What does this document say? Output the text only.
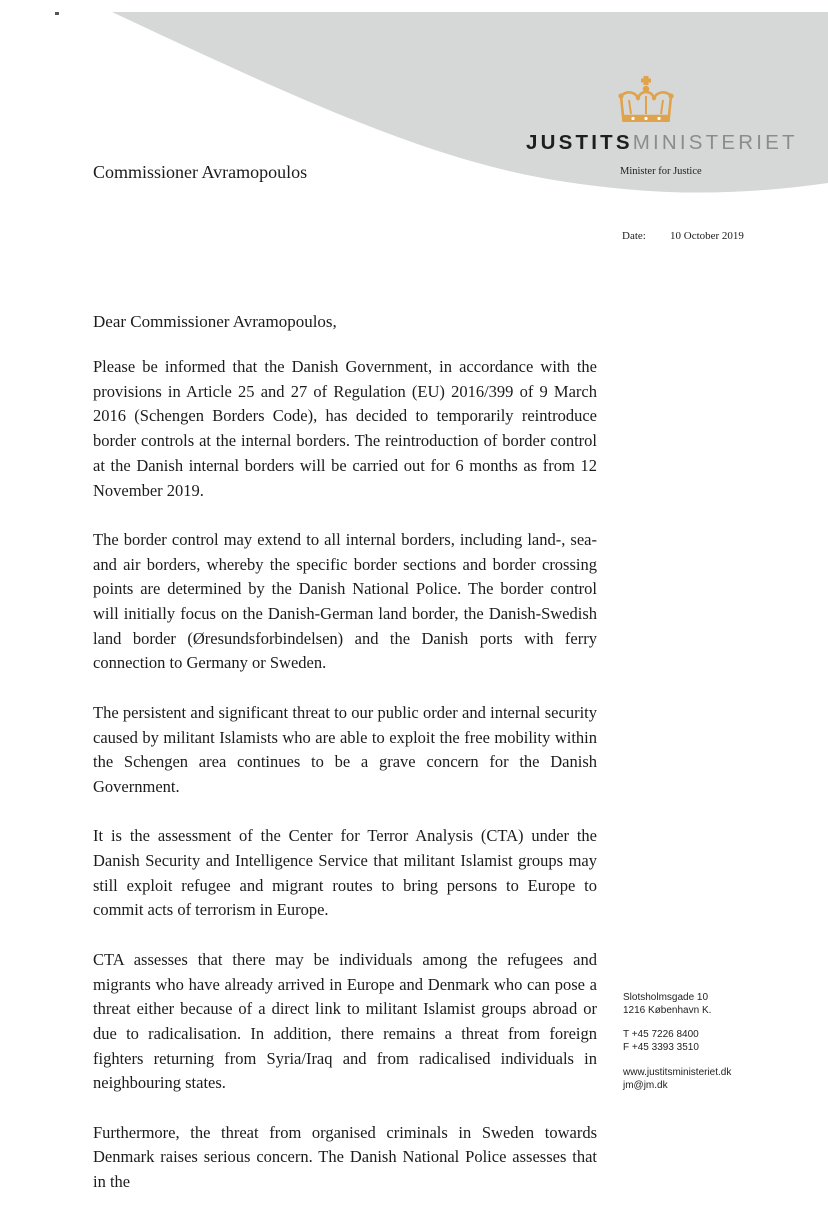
JUSTITSMINISTERIET
Minister for Justice
Commissioner Avramopoulos
Date: 10 October 2019
Dear Commissioner Avramopoulos,

Please be informed that the Danish Government, in accordance with the provisions in Article 25 and 27 of Regulation (EU) 2016/399 of 9 March 2016 (Schengen Borders Code), has decided to temporarily reintroduce border controls at the internal borders. The reintroduction of border control at the Danish internal borders will be carried out for 6 months as from 12 November 2019.

The border control may extend to all internal borders, including land-, sea- and air borders, whereby the specific border sections and border crossing points are determined by the Danish National Police. The border control will initially focus on the Danish-German land border, the Danish-Swedish land border (Øresundsforbindelsen) and the Danish ports with ferry connection to Germany or Sweden.

The persistent and significant threat to our public order and internal security caused by militant Islamists who are able to exploit the free mobility within the Schengen area continues to be a grave concern for the Danish Government.

It is the assessment of the Center for Terror Analysis (CTA) under the Danish Security and Intelligence Service that militant Islamist groups may still exploit refugee and migrant routes to bring persons to Europe to commit acts of terrorism in Europe.

CTA assesses that there may be individuals among the refugees and migrants who have already arrived in Europe and Denmark who can pose a threat either because of a direct link to militant Islamist groups abroad or due to radicalisation. In addition, there remains a threat from foreign fighters returning from Syria/Iraq and from radicalised individuals in neighbouring states.

Furthermore, the threat from organised criminals in Sweden towards Denmark raises serious concern. The Danish National Police assesses that in the

Slotsholmsgade 10
1216 København K.
T +45 7226 8400
F +45 3393 3510
www.justitsministeriet.dk
jm@jm.dk
